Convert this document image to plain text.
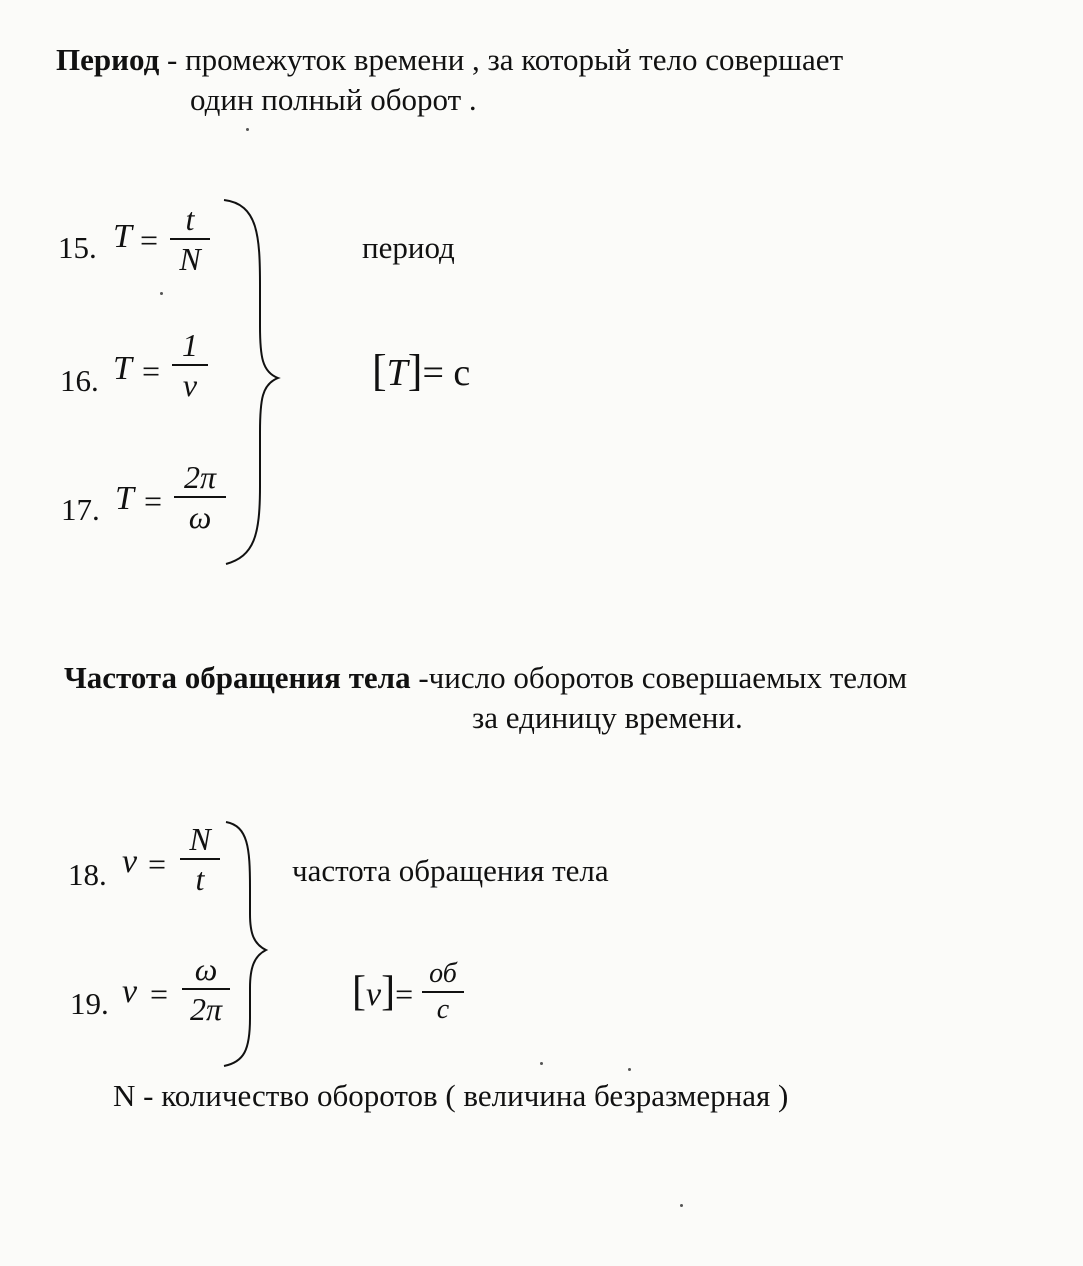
Период - промежуток времени , за который тело совершает
один полный оборот .
15. T =
t
N
16. T =
1
ν
17. T =
2π
ω
период
[T]= c
Частота обращения тела -число оборотов совершаемых телом
за единицу времени.
18. ν =
N
t
19. ν =
ω
2π
частота обращения тела
[ν]=
об
c
N - количество оборотов ( величина безразмерная )
